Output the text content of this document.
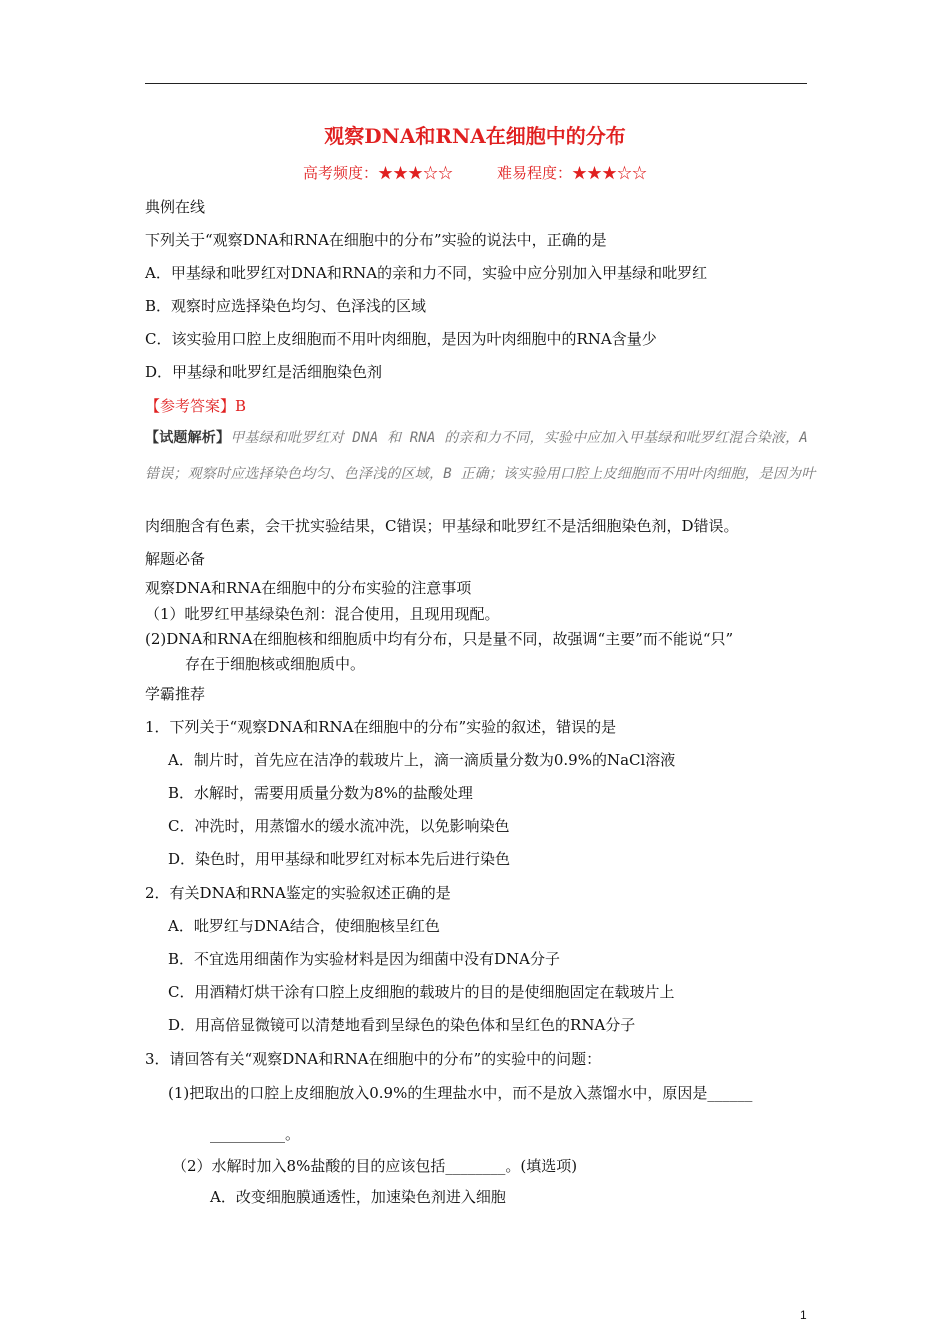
观察DNA和RNA在细胞中的分布
高考频度：★★★☆☆	难易程度：★★★☆☆
典例在线
下列关于“观察DNA和RNA在细胞中的分布”实验的说法中，正确的是
A．甲基绿和吡罗红对DNA和RNA的亲和力不同，实验中应分别加入甲基绿和吡罗红
B．观察时应选择染色均匀、色泽浅的区域
C．该实验用口腔上皮细胞而不用叶肉细胞，是因为叶肉细胞中的RNA含量少
D．甲基绿和吡罗红是活细胞染色剂
【参考答案】B
【试题解析】甲基绿和吡罗红对 DNA 和 RNA 的亲和力不同，实验中应加入甲基绿和吡罗红混合染液，A
错误；观察时应选择染色均匀、色泽浅的区域，B 正确；该实验用口腔上皮细胞而不用叶肉细胞，是因为叶
肉细胞含有色素，会干扰实验结果，C错误；甲基绿和吡罗红不是活细胞染色剂，D错误。
解题必备
观察DNA和RNA在细胞中的分布实验的注意事项
（1）吡罗红甲基绿染色剂：混合使用，且现用现配。
(2)DNA和RNA在细胞核和细胞质中均有分布，只是量不同，故强调“主要”而不能说“只”
存在于细胞核或细胞质中。
学霸推荐
1．下列关于“观察DNA和RNA在细胞中的分布”实验的叙述，错误的是
A．制片时，首先应在洁净的载玻片上，滴一滴质量分数为0.9%的NaCl溶液
B．水解时，需要用质量分数为8%的盐酸处理
C．冲洗时，用蒸馏水的缓水流冲洗，以免影响染色
D．染色时，用甲基绿和吡罗红对标本先后进行染色
2．有关DNA和RNA鉴定的实验叙述正确的是
A．吡罗红与DNA结合，使细胞核呈红色
B．不宜选用细菌作为实验材料是因为细菌中没有DNA分子
C．用酒精灯烘干涂有口腔上皮细胞的载玻片的目的是使细胞固定在载玻片上
D．用高倍显微镜可以清楚地看到呈绿色的染色体和呈红色的RNA分子
3．请回答有关“观察DNA和RNA在细胞中的分布”的实验中的问题：
(1)把取出的口腔上皮细胞放入0.9%的生理盐水中，而不是放入蒸馏水中，原因是______
__________。
（2）水解时加入8%盐酸的目的应该包括________。(填选项)
A．改变细胞膜通透性，加速染色剂进入细胞
1
